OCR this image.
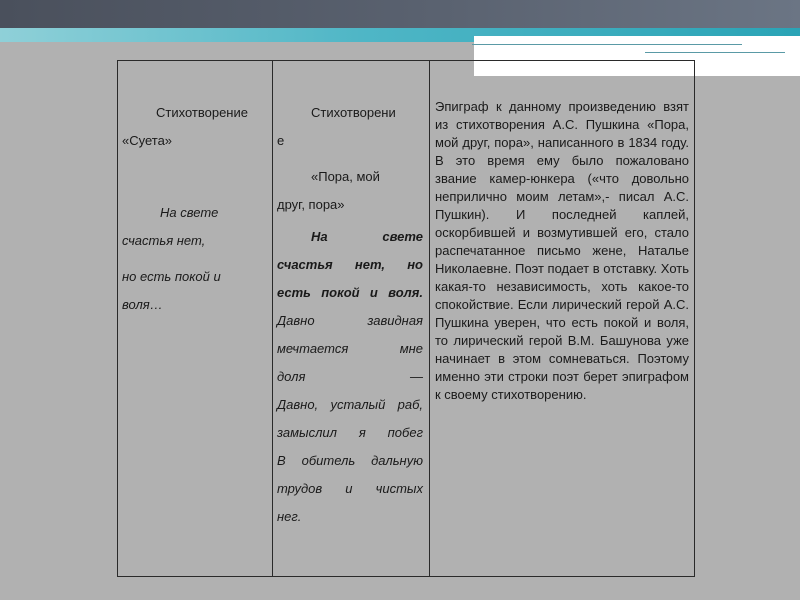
Стихотворение

«Суета»

На свете

счастья нет,

но есть покой и

воля…

Стихотворени

е

«Пора, мой

друг, пора»

На свете

счастья нет, но

есть покой и воля.

Давно завидная

мечтается мне

доля —

Давно, усталый раб,

замыслил я побег

В обитель дальную

трудов и чистых

нег.

Эпиграф к данному произведению взят из стихотворения А.С. Пушкина «Пора, мой друг, пора», написанного в 1834 году. В это время ему было пожаловано звание камер-юнкера («что довольно неприлично моим летам»,- писал А.С. Пушкин). И последней каплей, оскорбившей и возмутившей его, стало распечатанное письмо жене, Наталье Николаевне. Поэт подает в отставку. Хоть какая-то независимость, хоть какое-то спокойствие. Если лирический герой А.С. Пушкина уверен, что есть покой и воля, то лирический герой В.М. Башунова уже начинает в этом сомневаться. Поэтому именно эти строки поэт берет эпиграфом к своему стихотворению.
